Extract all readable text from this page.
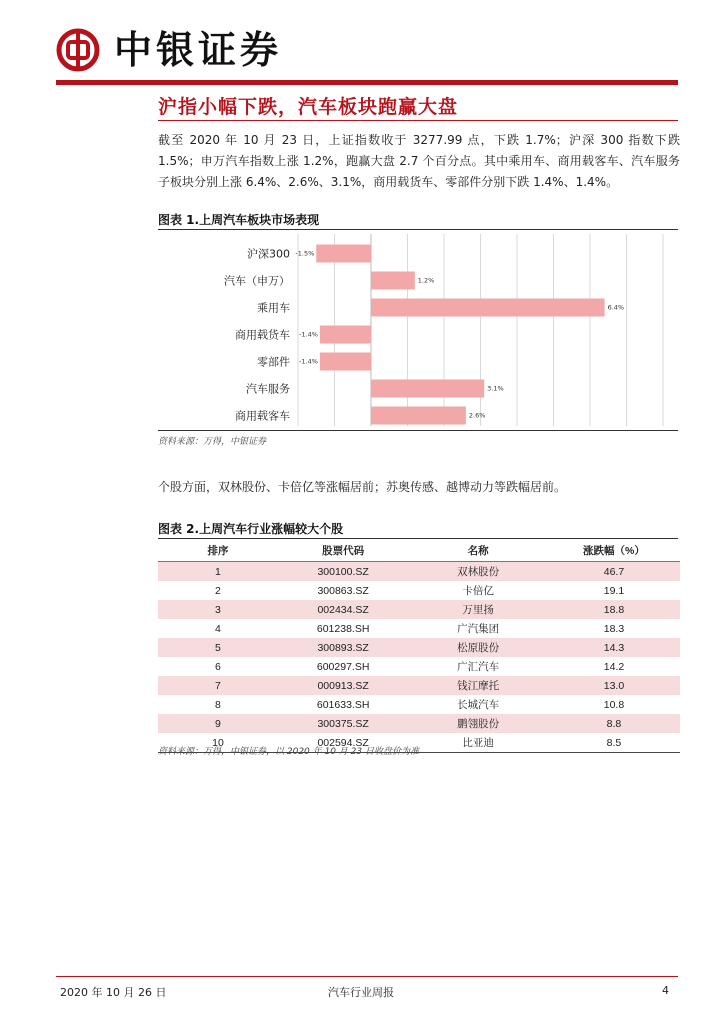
中银证券
沪指小幅下跌，汽车板块跑赢大盘
截至 2020 年 10 月 23 日，上证指数收于 3277.99 点，下跌 1.7%；沪深 300 指数下跌 1.5%；申万汽车指数上涨 1.2%，跑赢大盘 2.7 个百分点。其中乘用车、商用载客车、汽车服务子板块分别上涨 6.4%、2.6%、3.1%，商用载货车、零部件分别下跌 1.4%、1.4%。
图表 1.上周汽车板块市场表现
沪深300 -1.5%
汽车（申万）	1.2%
乘用车	6.4%
商用载货车 -1.4%
零部件 -1.4%
汽车服务	3.1%
商用载客车	2.6%
资料来源：万得，中银证券
个股方面，双林股份、卡倍亿等涨幅居前；苏奥传感、越博动力等跌幅居前。
图表 2.上周汽车行业涨幅较大个股
排序	股票代码	名称	涨跌幅（%）
1	300100.SZ	双林股份	46.7
2	300863.SZ	卡倍亿	19.1
3	002434.SZ	万里扬	18.8
4	601238.SH	广汽集团	18.3
5	300893.SZ	松原股份	14.3
6	600297.SH	广汇汽车	14.2
7	000913.SZ	钱江摩托	13.0
8	601633.SH	长城汽车	10.8
9	300375.SZ	鹏翎股份	8.8
10	002594.SZ	比亚迪	8.5
资料来源：万得，中银证券，以 2020 年 10 月 23 日收盘价为准
2020 年 10 月 26 日	汽车行业周报	4
